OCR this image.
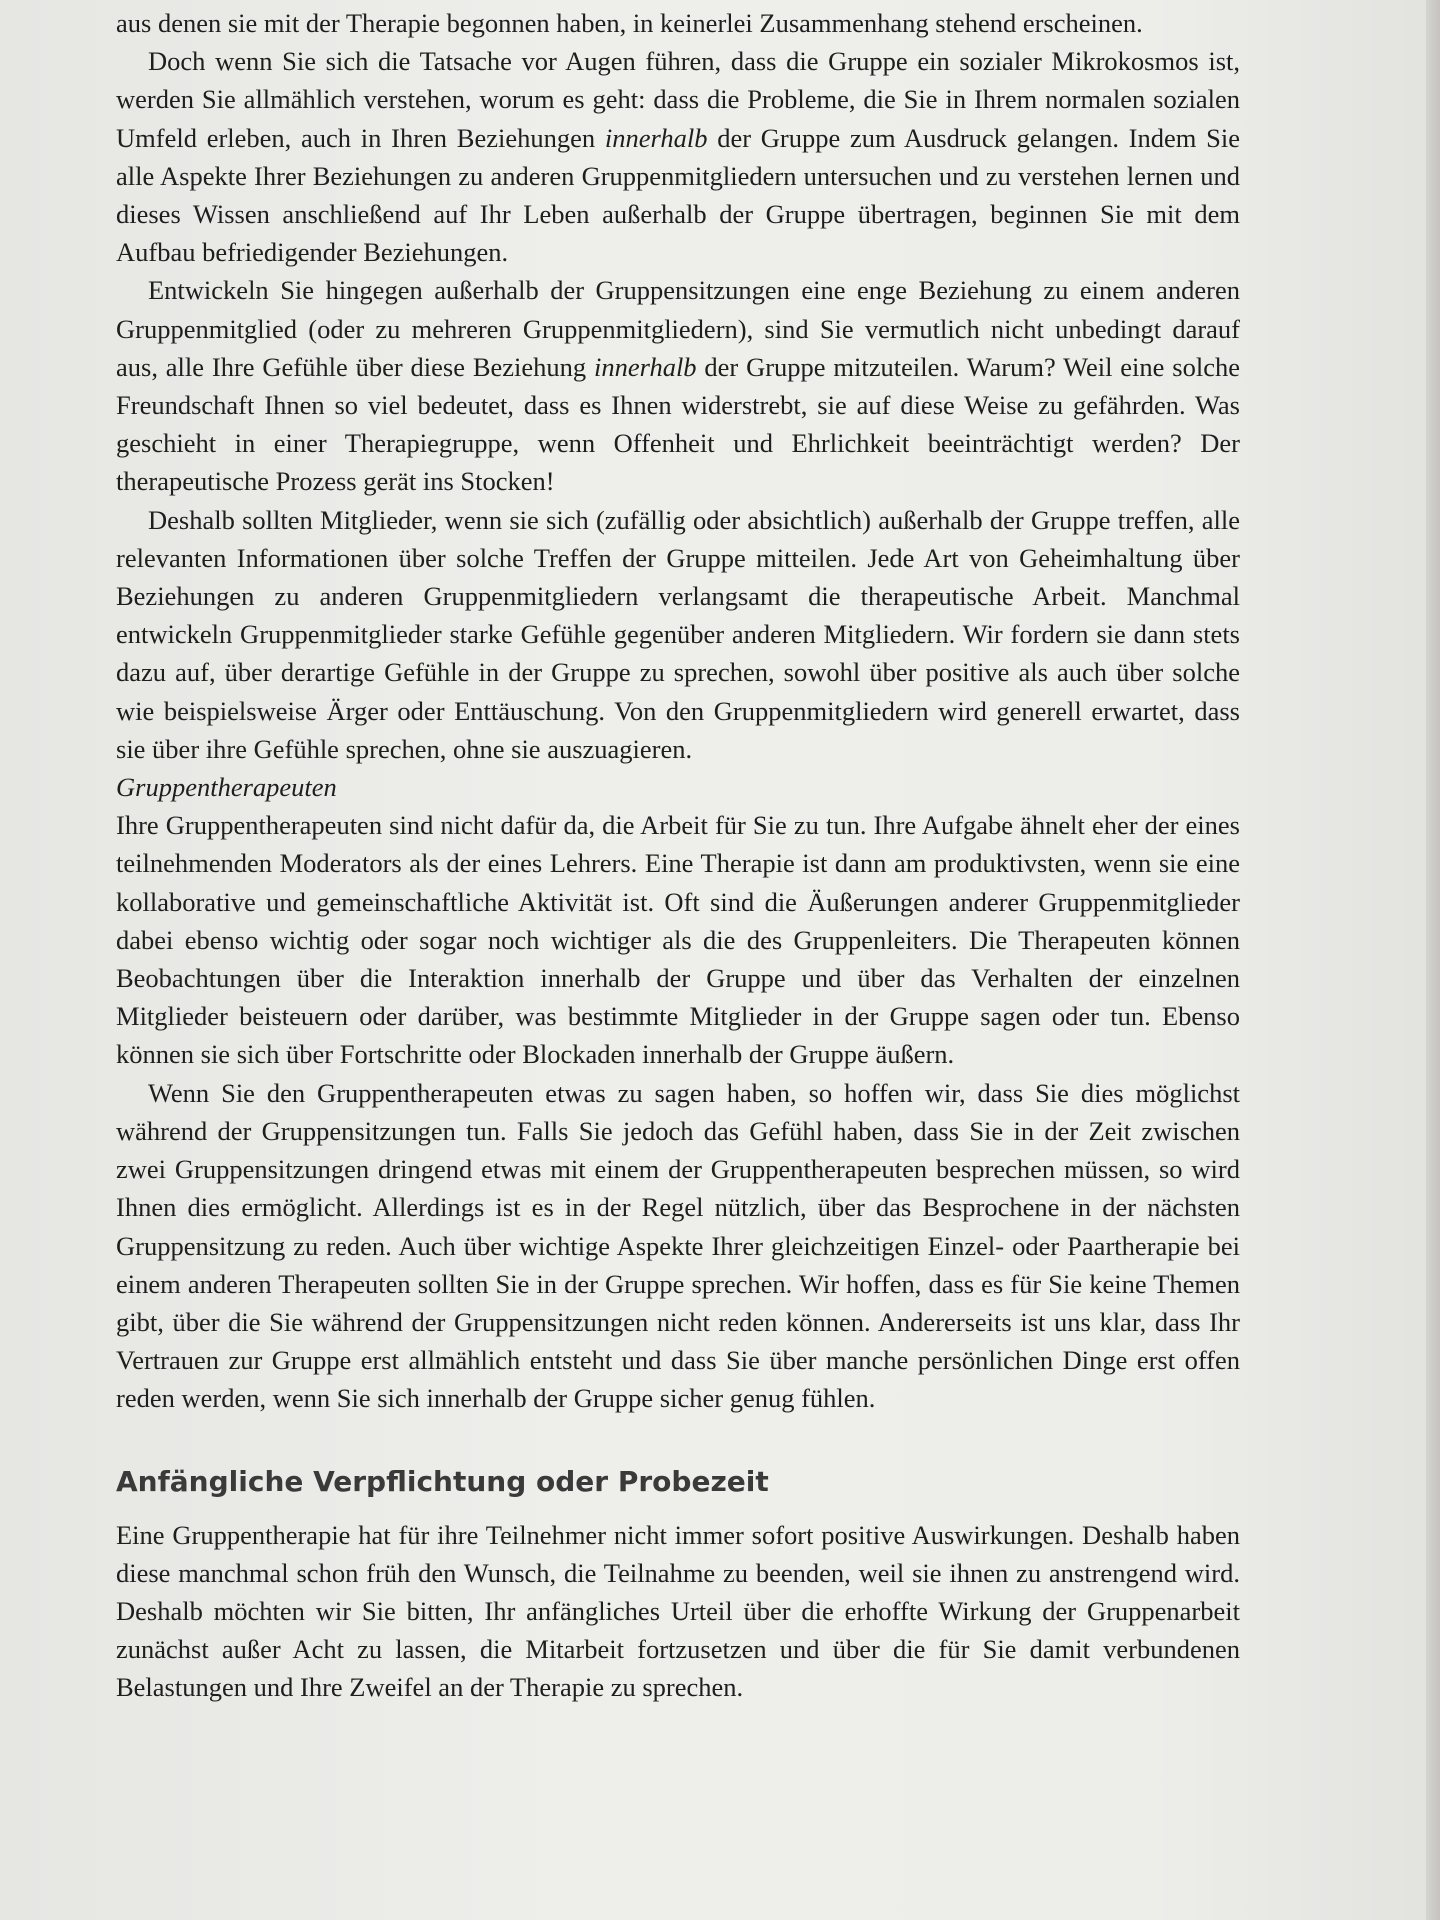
aus denen sie mit der Therapie begonnen haben, in keinerlei Zusammenhang stehend erscheinen.

Doch wenn Sie sich die Tatsache vor Augen führen, dass die Gruppe ein sozialer Mikrokosmos ist, werden Sie allmählich verstehen, worum es geht: dass die Probleme, die Sie in Ihrem normalen sozialen Umfeld erleben, auch in Ihren Beziehungen innerhalb der Gruppe zum Ausdruck gelangen. Indem Sie alle Aspekte Ihrer Beziehungen zu anderen Gruppenmitgliedern untersuchen und zu verstehen lernen und dieses Wissen anschließend auf Ihr Leben außerhalb der Gruppe übertragen, beginnen Sie mit dem Aufbau befriedigender Beziehungen.

Entwickeln Sie hingegen außerhalb der Gruppensitzungen eine enge Beziehung zu einem anderen Gruppenmitglied (oder zu mehreren Gruppenmitgliedern), sind Sie vermutlich nicht unbedingt darauf aus, alle Ihre Gefühle über diese Beziehung innerhalb der Gruppe mitzuteilen. Warum? Weil eine solche Freundschaft Ihnen so viel bedeutet, dass es Ihnen widerstrebt, sie auf diese Weise zu gefährden. Was geschieht in einer Therapiegruppe, wenn Offenheit und Ehrlichkeit beeinträchtigt werden? Der therapeutische Prozess gerät ins Stocken!

Deshalb sollten Mitglieder, wenn sie sich (zufällig oder absichtlich) außerhalb der Gruppe treffen, alle relevanten Informationen über solche Treffen der Gruppe mitteilen. Jede Art von Geheimhaltung über Beziehungen zu anderen Gruppenmitgliedern verlangsamt die therapeutische Arbeit. Manchmal entwickeln Gruppenmitglieder starke Gefühle gegenüber anderen Mitgliedern. Wir fordern sie dann stets dazu auf, über derartige Gefühle in der Gruppe zu sprechen, sowohl über positive als auch über solche wie beispielsweise Ärger oder Enttäuschung. Von den Gruppenmitgliedern wird generell erwartet, dass sie über ihre Gefühle sprechen, ohne sie auszuagieren.

Gruppentherapeuten

Ihre Gruppentherapeuten sind nicht dafür da, die Arbeit für Sie zu tun. Ihre Aufgabe ähnelt eher der eines teilnehmenden Moderators als der eines Lehrers. Eine Therapie ist dann am produktivsten, wenn sie eine kollaborative und gemeinschaftliche Aktivität ist. Oft sind die Äußerungen anderer Gruppenmitglieder dabei ebenso wichtig oder sogar noch wichtiger als die des Gruppenleiters. Die Therapeuten können Beobachtungen über die Interaktion innerhalb der Gruppe und über das Verhalten der einzelnen Mitglieder beisteuern oder darüber, was bestimmte Mitglieder in der Gruppe sagen oder tun. Ebenso können sie sich über Fortschritte oder Blockaden innerhalb der Gruppe äußern.

Wenn Sie den Gruppentherapeuten etwas zu sagen haben, so hoffen wir, dass Sie dies möglichst während der Gruppensitzungen tun. Falls Sie jedoch das Gefühl haben, dass Sie in der Zeit zwischen zwei Gruppensitzungen dringend etwas mit einem der Gruppentherapeuten besprechen müssen, so wird Ihnen dies ermöglicht. Allerdings ist es in der Regel nützlich, über das Besprochene in der nächsten Gruppensitzung zu reden. Auch über wichtige Aspekte Ihrer gleichzeitigen Einzel- oder Paartherapie bei einem anderen Therapeuten sollten Sie in der Gruppe sprechen. Wir hoffen, dass es für Sie keine Themen gibt, über die Sie während der Gruppensitzungen nicht reden können. Andererseits ist uns klar, dass Ihr Vertrauen zur Gruppe erst allmählich entsteht und dass Sie über manche persönlichen Dinge erst offen reden werden, wenn Sie sich innerhalb der Gruppe sicher genug fühlen.

Anfängliche Verpflichtung oder Probezeit

Eine Gruppentherapie hat für ihre Teilnehmer nicht immer sofort positive Auswirkungen. Deshalb haben diese manchmal schon früh den Wunsch, die Teilnahme zu beenden, weil sie ihnen zu anstrengend wird. Deshalb möchten wir Sie bitten, Ihr anfängliches Urteil über die erhoffte Wirkung der Gruppenarbeit zunächst außer Acht zu lassen, die Mitarbeit fortzusetzen und über die für Sie damit verbundenen Belastungen und Ihre Zweifel an der Therapie zu sprechen.
